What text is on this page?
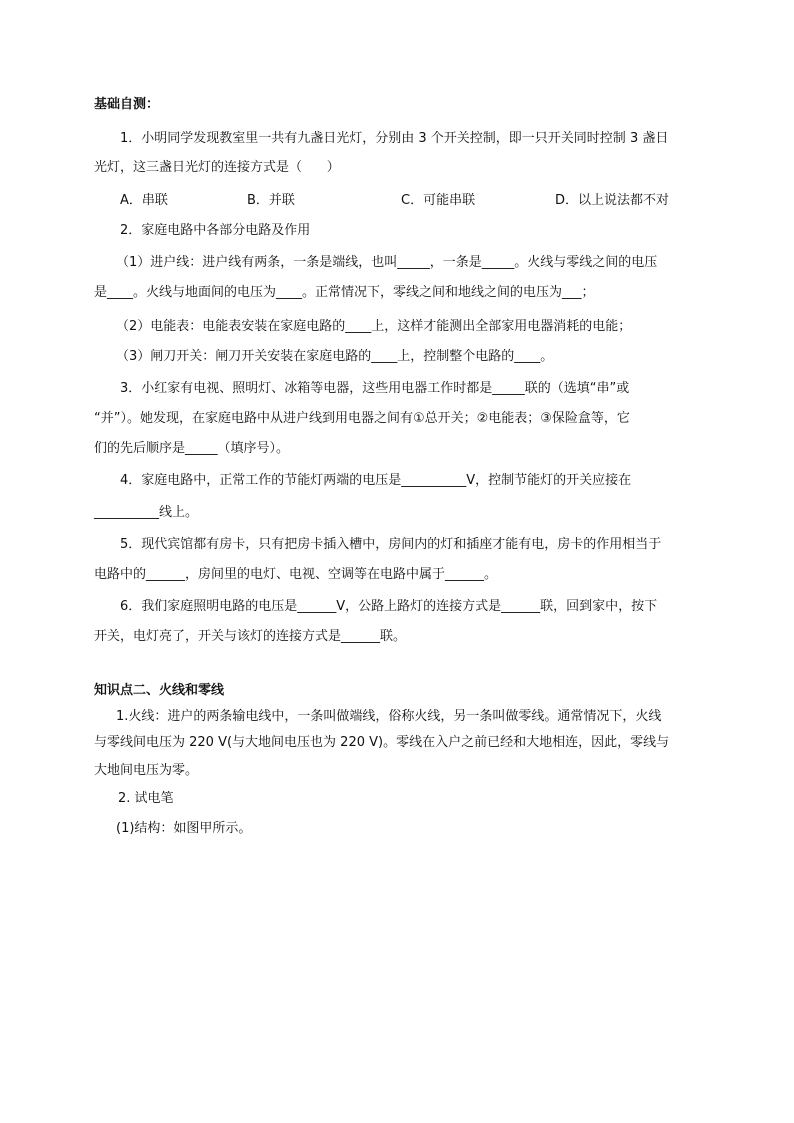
基础自测：
1．小明同学发现教室里一共有九盏日光灯，分别由 3 个开关控制，即一只开关同时控制 3 盏日
光灯，这三盏日光灯的连接方式是（      ）
A．串联	B．并联	C．可能串联	D．以上说法都不对
2．家庭电路中各部分电路及作用
（1）进户线：进户线有两条，一条是端线，也叫_____，一条是_____。火线与零线之间的电压
是____。火线与地面间的电压为____。正常情况下，零线之间和地线之间的电压为___；
（2）电能表：电能表安装在家庭电路的____上，这样才能测出全部家用电器消耗的电能；
（3）闸刀开关：闸刀开关安装在家庭电路的____上，控制整个电路的____。
3．小红家有电视、照明灯、冰箱等电器，这些用电器工作时都是_____联的（选填“串”或
“并”）。她发现，在家庭电路中从进户线到用电器之间有①总开关；②电能表；③保险盒等，它
们的先后顺序是_____（填序号）。
4．家庭电路中，正常工作的节能灯两端的电压是__________V，控制节能灯的开关应接在
__________线上。
5．现代宾馆都有房卡，只有把房卡插入槽中，房间内的灯和插座才能有电，房卡的作用相当于
电路中的______，房间里的电灯、电视、空调等在电路中属于______。
6．我们家庭照明电路的电压是______V，公路上路灯的连接方式是______联，回到家中，按下
开关，电灯亮了，开关与该灯的连接方式是______联。
知识点二、火线和零线
1.火线：进户的两条输电线中，一条叫做端线，俗称火线，另一条叫做零线。通常情况下，火线
与零线间电压为 220 V(与大地间电压也为 220 V)。零线在入户之前已经和大地相连，因此，零线与
大地间电压为零。
2. 试电笔
(1)结构：如图甲所示。
